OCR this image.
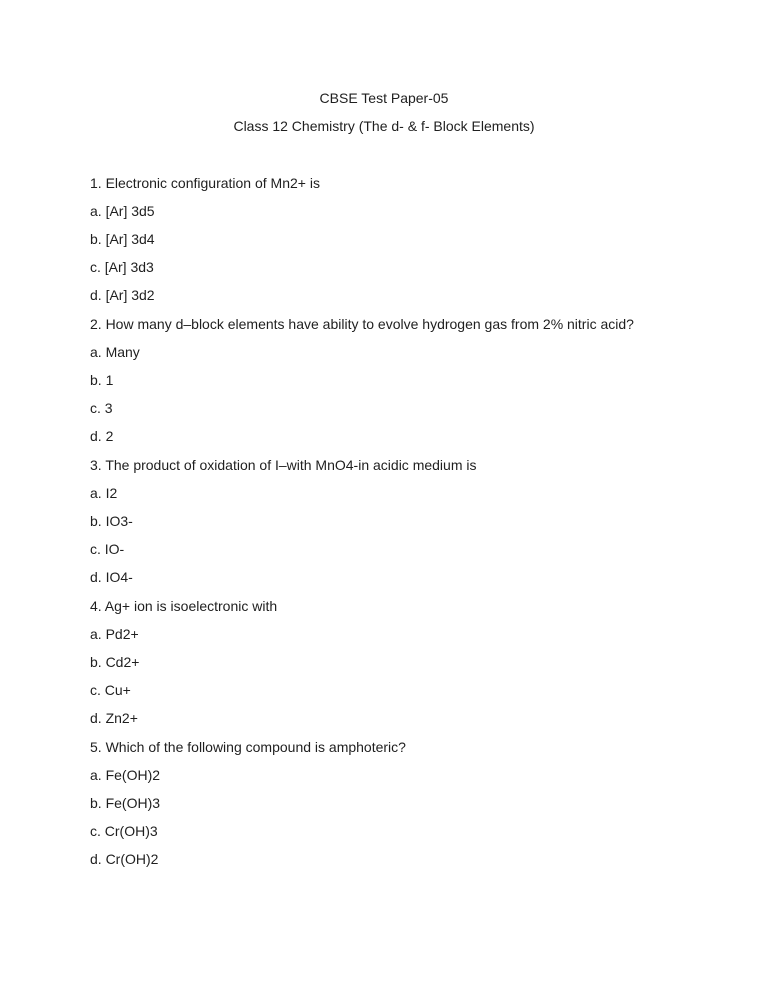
CBSE Test Paper-05

Class 12 Chemistry (The d- & f- Block Elements)

1. Electronic configuration of Mn2+ is

a. [Ar] 3d5

b. [Ar] 3d4

c. [Ar] 3d3

d. [Ar] 3d2

2. How many d–block elements have ability to evolve hydrogen gas from 2% nitric acid?

a. Many

b. 1

c. 3

d. 2

3. The product of oxidation of I–with MnO4-in acidic medium is

a. I2

b. IO3-

c. IO-

d. IO4-

4. Ag+ ion is isoelectronic with

a. Pd2+

b. Cd2+

c. Cu+

d. Zn2+

5. Which of the following compound is amphoteric?

a. Fe(OH)2

b. Fe(OH)3

c. Cr(OH)3

d. Cr(OH)2
